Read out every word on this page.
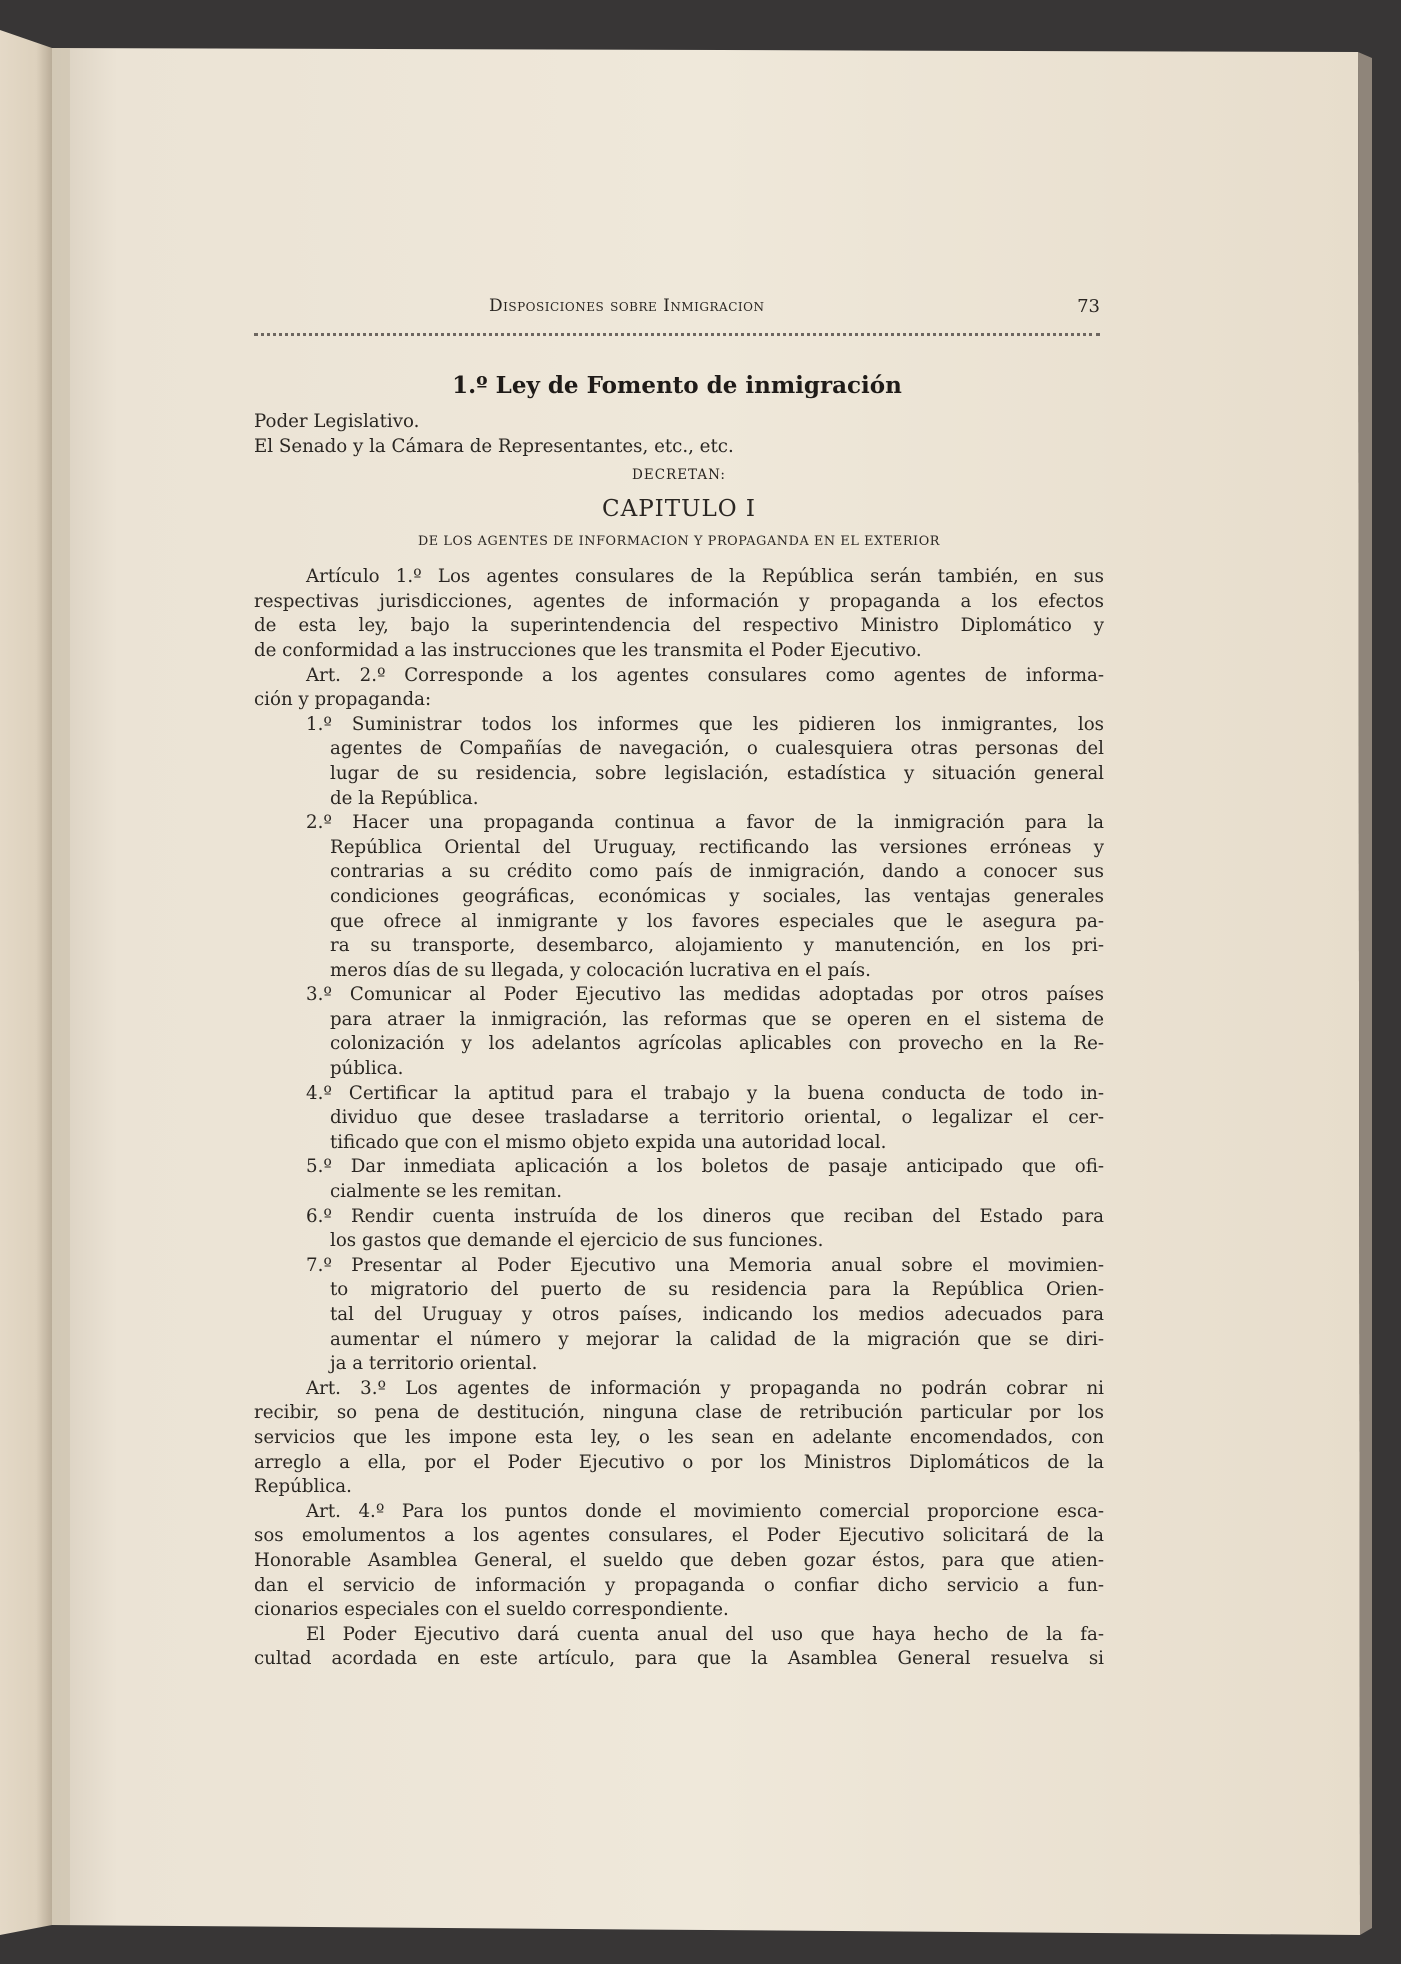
Disposiciones sobre Inmigracion	73
1.º Ley de Fomento de inmigración
Poder Legislativo.
El Senado y la Cámara de Representantes, etc., etc.
DECRETAN:
CAPITULO I
DE LOS AGENTES DE INFORMACION Y PROPAGANDA EN EL EXTERIOR
Artículo 1.º Los agentes consulares de la República serán también, en sus
respectivas jurisdicciones, agentes de información y propaganda a los efectos
de esta ley, bajo la superintendencia del respectivo Ministro Diplomático y
de conformidad a las instrucciones que les transmita el Poder Ejecutivo.
Art. 2.º Corresponde a los agentes consulares como agentes de informa-
ción y propaganda:
1.º Suministrar todos los informes que les pidieren los inmigrantes, los
agentes de Compañías de navegación, o cualesquiera otras personas del
lugar de su residencia, sobre legislación, estadística y situación general
de la República.
2.º Hacer una propaganda continua a favor de la inmigración para la
República Oriental del Uruguay, rectificando las versiones erróneas y
contrarias a su crédito como país de inmigración, dando a conocer sus
condiciones geográficas, económicas y sociales, las ventajas generales
que ofrece al inmigrante y los favores especiales que le asegura pa-
ra su transporte, desembarco, alojamiento y manutención, en los pri-
meros días de su llegada, y colocación lucrativa en el país.
3.º Comunicar al Poder Ejecutivo las medidas adoptadas por otros países
para atraer la inmigración, las reformas que se operen en el sistema de
colonización y los adelantos agrícolas aplicables con provecho en la Re-
pública.
4.º Certificar la aptitud para el trabajo y la buena conducta de todo in-
dividuo que desee trasladarse a territorio oriental, o legalizar el cer-
tificado que con el mismo objeto expida una autoridad local.
5.º Dar inmediata aplicación a los boletos de pasaje anticipado que ofi-
cialmente se les remitan.
6.º Rendir cuenta instruída de los dineros que reciban del Estado para
los gastos que demande el ejercicio de sus funciones.
7.º Presentar al Poder Ejecutivo una Memoria anual sobre el movimien-
to migratorio del puerto de su residencia para la República Orien-
tal del Uruguay y otros países, indicando los medios adecuados para
aumentar el número y mejorar la calidad de la migración que se diri-
ja a territorio oriental.
Art. 3.º Los agentes de información y propaganda no podrán cobrar ni
recibir, so pena de destitución, ninguna clase de retribución particular por los
servicios que les impone esta ley, o les sean en adelante encomendados, con
arreglo a ella, por el Poder Ejecutivo o por los Ministros Diplomáticos de la
República.
Art. 4.º Para los puntos donde el movimiento comercial proporcione esca-
sos emolumentos a los agentes consulares, el Poder Ejecutivo solicitará de la
Honorable Asamblea General, el sueldo que deben gozar éstos, para que atien-
dan el servicio de información y propaganda o confiar dicho servicio a fun-
cionarios especiales con el sueldo correspondiente.
El Poder Ejecutivo dará cuenta anual del uso que haya hecho de la fa-
cultad acordada en este artículo, para que la Asamblea General resuelva si
